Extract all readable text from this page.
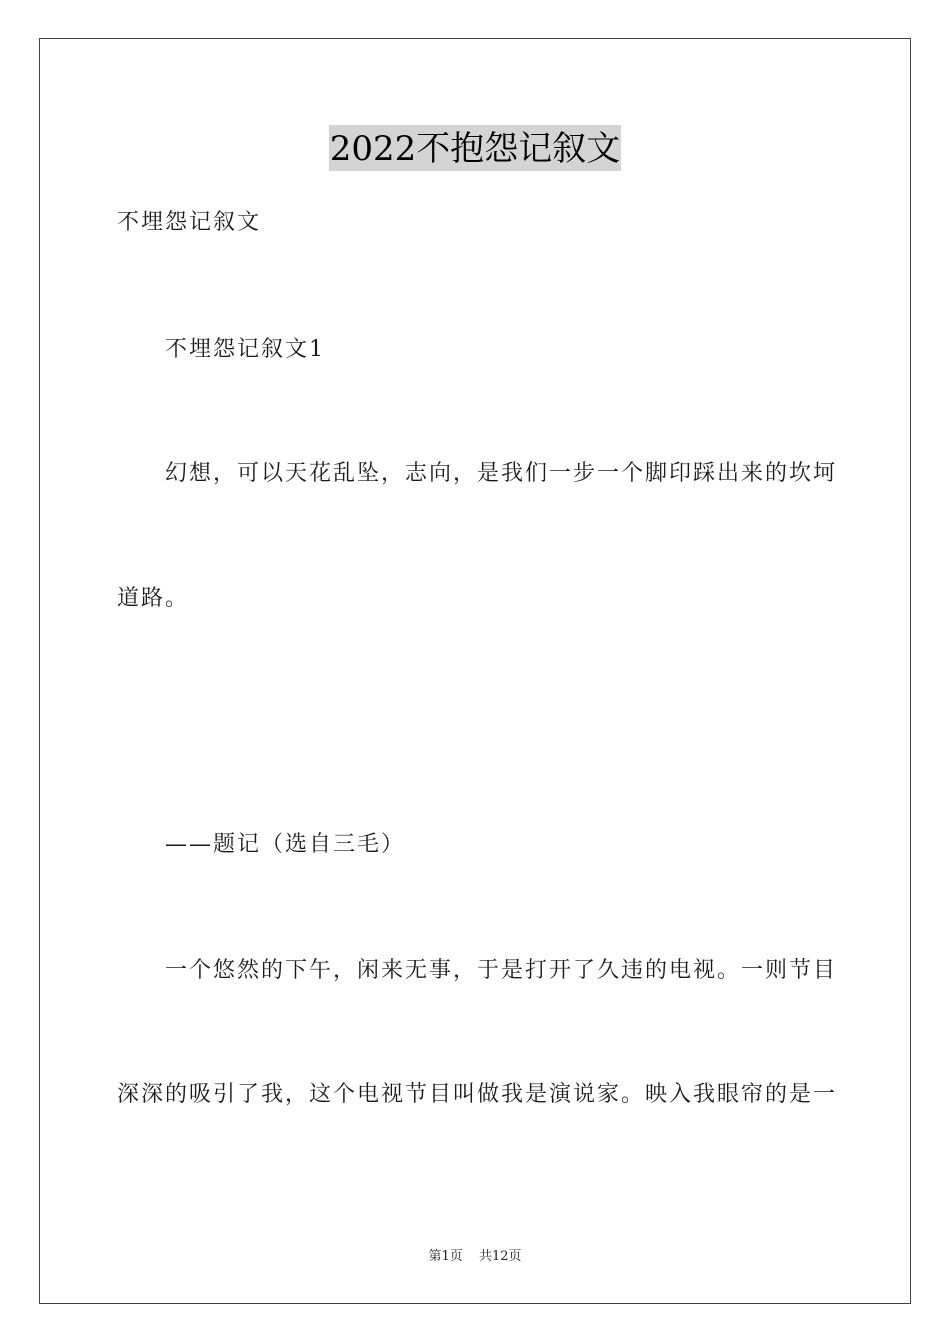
2022不抱怨记叙文
不埋怨记叙文
不埋怨记叙文1
幻想，可以天花乱坠，志向，是我们一步一个脚印踩出来的坎坷
道路。
——题记（选自三毛）
一个悠然的下午，闲来无事，于是打开了久违的电视。一则节目
深深的吸引了我，这个电视节目叫做我是演说家。映入我眼帘的是一
第1页 共12页
